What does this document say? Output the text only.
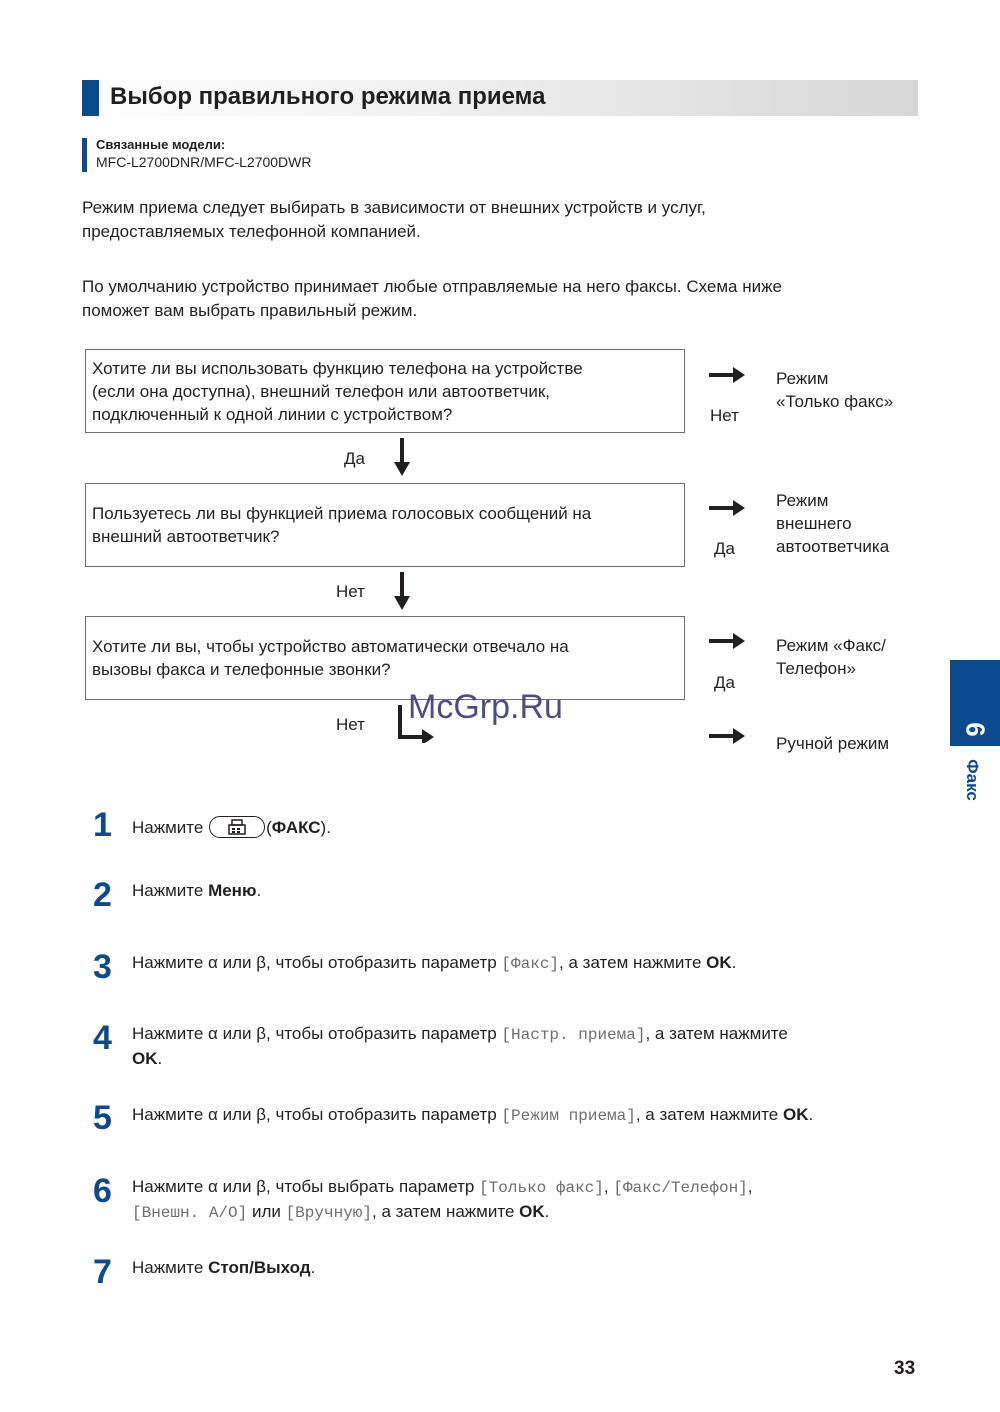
Выбор правильного режима приема
Связанные модели:
MFC-L2700DNR/MFC-L2700DWR
Режим приема следует выбирать в зависимости от внешних устройств и услуг,
предоставляемых телефонной компанией.
По умолчанию устройство принимает любые отправляемые на него факсы. Схема ниже
поможет вам выбрать правильный режим.
Хотите ли вы использовать функцию телефона на устройстве
(если она доступна), внешний телефон или автоответчик,
подключенный к одной линии с устройством?	Нет
Режим
«Только факс»
Да
Пользуетесь ли вы функцией приема голосовых сообщений на
внешний автоответчик?
Да
Режим
внешнего
автоответчика
Нет
Хотите ли вы, чтобы устройство автоматически отвечало на
вызовы факса и телефонные звонки?
Да
Режим «Факс/
Телефон»
Нет
Ручной режим
McGrp.Ru
6
Факс
1 Нажмите	(ФАКС).
2 Нажмите Меню.
3 Нажмите α или β, чтобы отобразить параметр [Факс], а затем нажмите OK.
4 Нажмите α или β, чтобы отобразить параметр [Настр. приема], а затем нажмите
OK.
5 Нажмите α или β, чтобы отобразить параметр [Режим приема], а затем нажмите OK.
6 Нажмите α или β, чтобы выбрать параметр [Только факс], [Факс/Телефон],
[Внешн. А/О] или [Вручную], а затем нажмите OK.
7 Нажмите Стоп/Выход.
33
